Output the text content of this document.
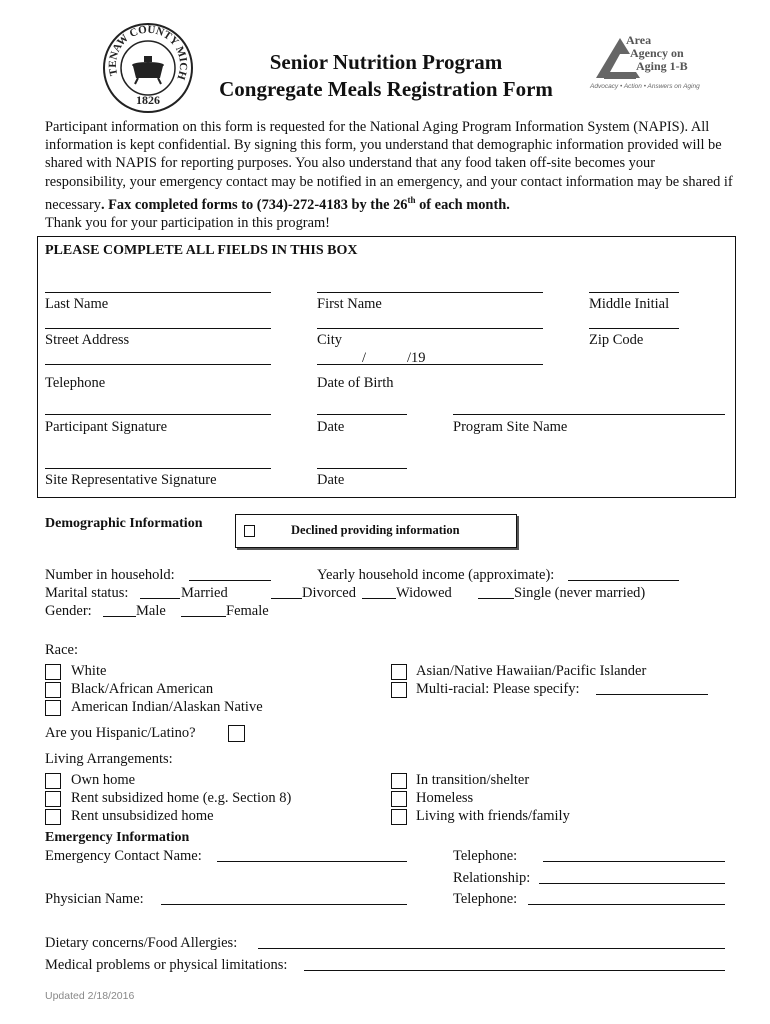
TENAW COUNTY MICH
1826
Senior Nutrition Program
Congregate Meals Registration Form
Area
Agency on
Aging 1-B
Advocacy • Action • Answers on Aging
Participant information on this form is requested for the National Aging Program Information System (NAPIS). All information is kept confidential. By signing this form, you understand that demographic information provided will be shared with NAPIS for reporting purposes. You also understand that any food taken off-site becomes your responsibility, your emergency contact may be notified in an emergency, and your contact information may be shared if necessary. Fax completed forms to (734)-272-4183 by the 26th of each month.
Thank you for your participation in this program!
PLEASE COMPLETE ALL FIELDS IN THIS BOX
Last Name	First Name	Middle Initial
Street Address	City	Zip Code
/	/19
Telephone	Date of Birth
Participant Signature	Date	Program Site Name
Site Representative Signature	Date
Demographic Information	Declined providing information
Number in household:	Yearly household income (approximate):
Marital status:	Married	Divorced	Widowed	Single (never married)
Gender:	Male	Female
Race:
White
Black/African American
American Indian/Alaskan Native
Asian/Native Hawaiian/Pacific Islander
Multi-racial: Please specify:
Are you Hispanic/Latino?
Living Arrangements:
Own home
Rent subsidized home (e.g. Section 8)
Rent unsubsidized home
In transition/shelter
Homeless
Living with friends/family
Emergency Information
Emergency Contact Name:	Telephone:
Relationship:
Physician Name:	Telephone:
Dietary concerns/Food Allergies:
Medical problems or physical limitations:
Updated 2/18/2016
